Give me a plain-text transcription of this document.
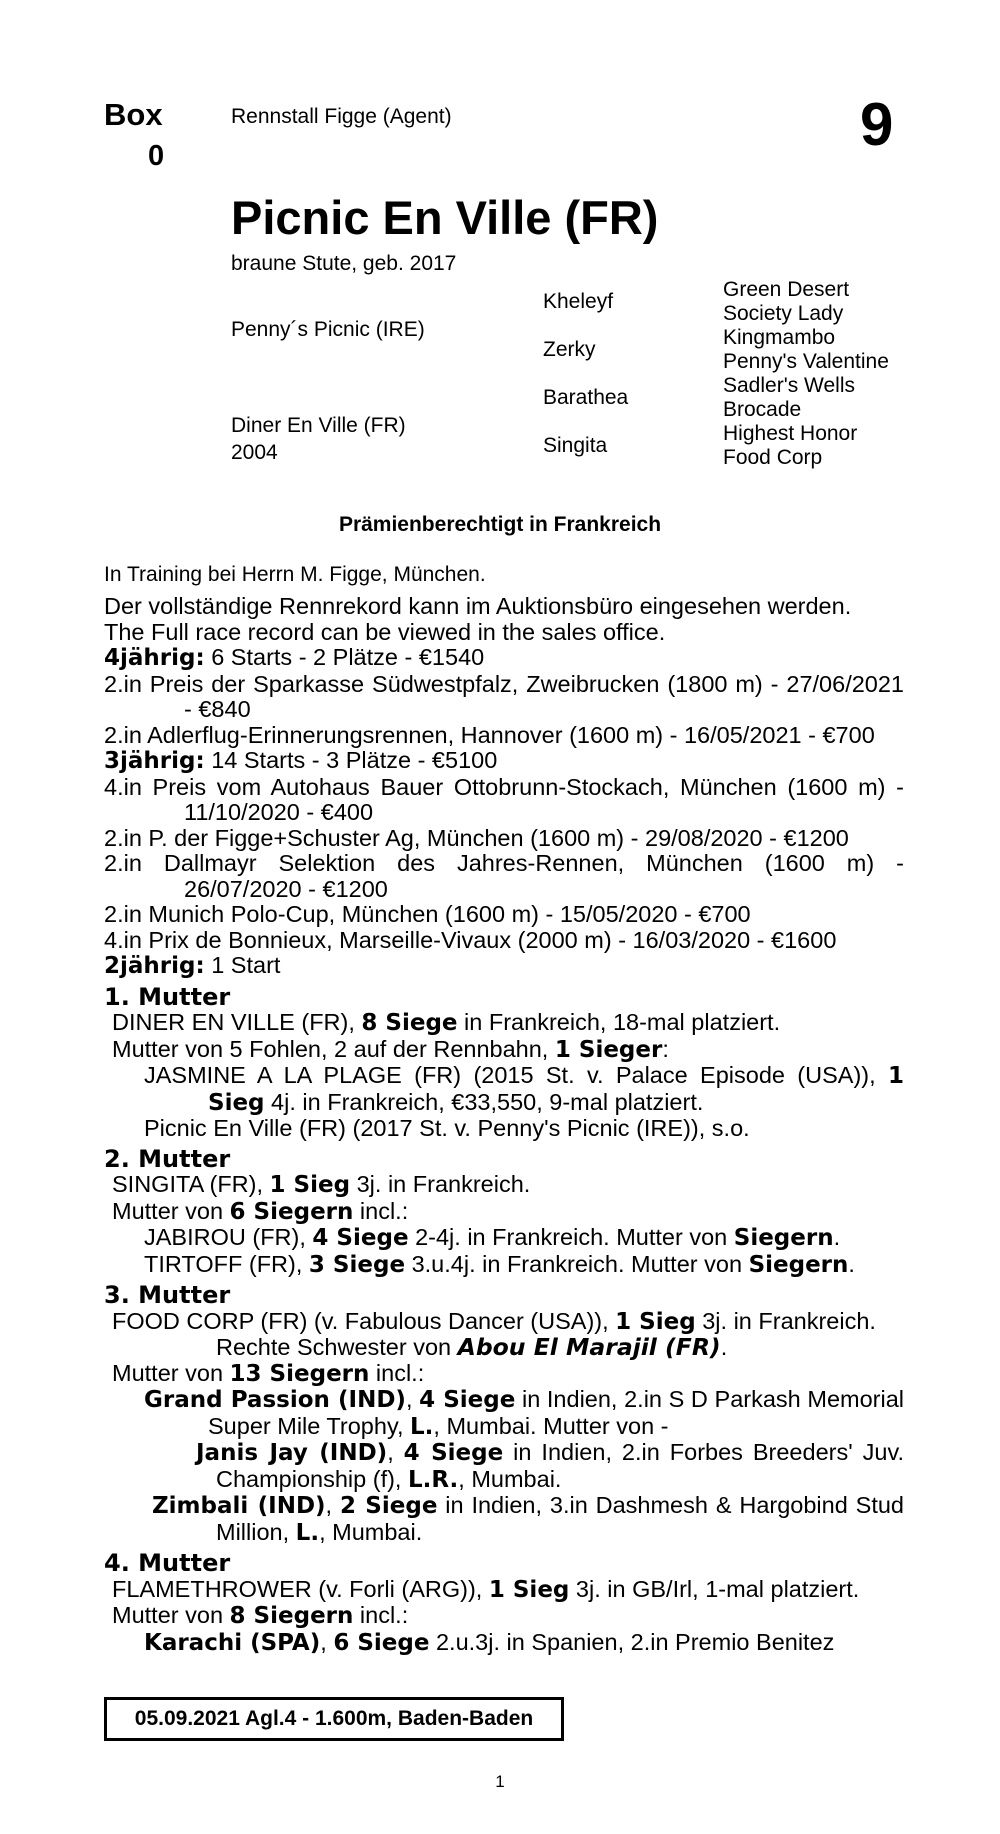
Box
0
Rennstall Figge (Agent)	9
Picnic En Ville (FR)
braune Stute, geb. 2017
Penny´s Picnic (IRE)
Diner En Ville (FR)
2004
Kheleyf
Zerky
Barathea
Singita
Green Desert
Society Lady
Kingmambo
Penny's Valentine
Sadler's Wells
Brocade
Highest Honor
Food Corp
Prämienberechtigt in Frankreich
In Training bei Herrn M. Figge, München.

Der vollständige Rennrekord kann im Auktionsbüro eingesehen werden.

The Full race record can be viewed in the sales office.

4jährig: 6 Starts - 2 Plätze - €1540

2.in Preis der Sparkasse Südwestpfalz, Zweibrucken (1800 m) - 27/06/2021 - €840

2.in Adlerflug-Erinnerungsrennen, Hannover (1600 m) - 16/05/2021 - €700

3jährig: 14 Starts - 3 Plätze - €5100

4.in Preis vom Autohaus Bauer Ottobrunn-Stockach, München (1600 m) - 11/10/2020 - €400

2.in P. der Figge+Schuster Ag, München (1600 m) - 29/08/2020 - €1200

2.in Dallmayr Selektion des Jahres-Rennen, München (1600 m) - 26/07/2020 - €1200

2.in Munich Polo-Cup, München (1600 m) - 15/05/2020 - €700

4.in Prix de Bonnieux, Marseille-Vivaux (2000 m) - 16/03/2020 - €1600

2jährig: 1 Start

1. Mutter

DINER EN VILLE (FR), 8 Siege in Frankreich, 18-mal platziert.

Mutter von 5 Fohlen, 2 auf der Rennbahn, 1 Sieger:

JASMINE A LA PLAGE (FR) (2015 St. v. Palace Episode (USA)), 1 Sieg 4j. in Frankreich, €33,550, 9-mal platziert.

Picnic En Ville (FR) (2017 St. v. Penny's Picnic (IRE)), s.o.

2. Mutter

SINGITA (FR), 1 Sieg 3j. in Frankreich.

Mutter von 6 Siegern incl.:

JABIROU (FR), 4 Siege 2-4j. in Frankreich. Mutter von Siegern.

TIRTOFF (FR), 3 Siege 3.u.4j. in Frankreich. Mutter von Siegern.

3. Mutter

FOOD CORP (FR) (v. Fabulous Dancer (USA)), 1 Sieg 3j. in Frankreich.

Rechte Schwester von Abou El Marajil (FR).

Mutter von 13 Siegern incl.:

Grand Passion (IND), 4 Siege in Indien, 2.in S D Parkash Memorial Super Mile Trophy, L., Mumbai. Mutter von -

Janis Jay (IND), 4 Siege in Indien, 2.in Forbes Breeders' Juv. Championship (f), L.R., Mumbai.

Zimbali (IND), 2 Siege in Indien, 3.in Dashmesh & Hargobind Stud Million, L., Mumbai.

4. Mutter

FLAMETHROWER (v. Forli (ARG)), 1 Sieg 3j. in GB/Irl, 1-mal platziert.

Mutter von 8 Siegern incl.:

Karachi (SPA), 6 Siege 2.u.3j. in Spanien, 2.in Premio Benitez

05.09.2021 Agl.4 - 1.600m, Baden-Baden
1
